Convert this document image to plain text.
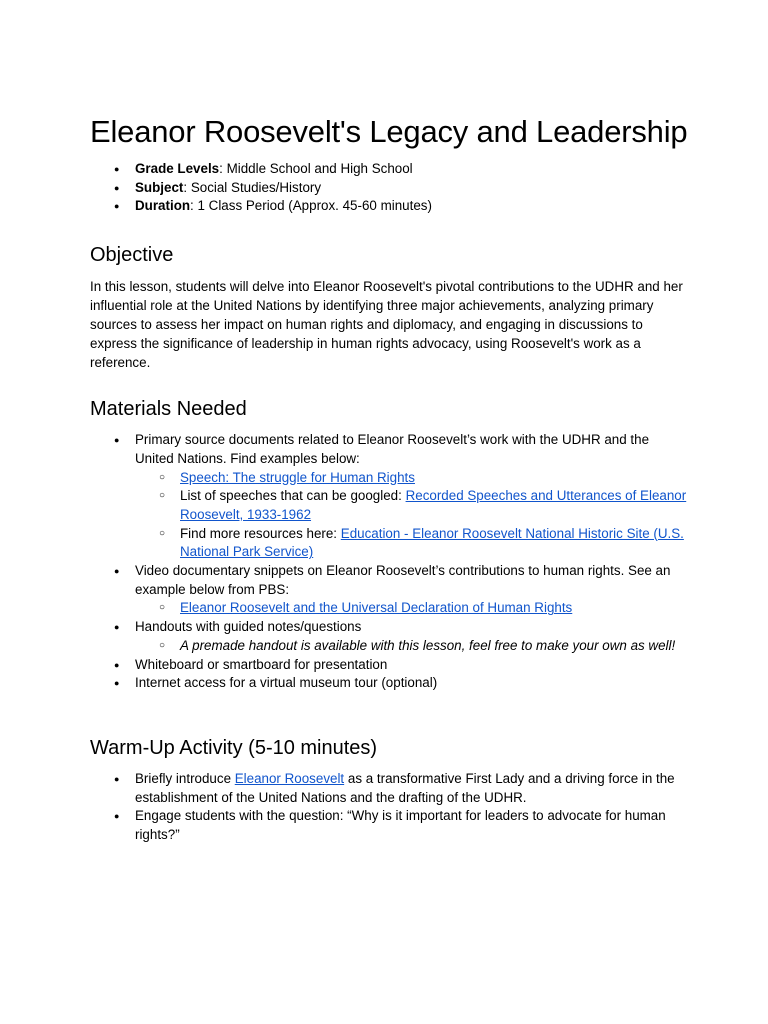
Eleanor Roosevelt's Legacy and Leadership
● Grade Levels: Middle School and High School
● Subject: Social Studies/History
● Duration: 1 Class Period (Approx. 45-60 minutes)
Objective

In this lesson, students will delve into Eleanor Roosevelt's pivotal contributions to the UDHR and her influential role at the United Nations by identifying three major achievements, analyzing primary sources to assess her impact on human rights and diplomacy, and engaging in discussions to express the significance of leadership in human rights advocacy, using Roosevelt's work as a reference.

Materials Needed
● Primary source documents related to Eleanor Roosevelt’s work with the UDHR and the United Nations. Find examples below:
○ Speech: The struggle for Human Rights
○ List of speeches that can be googled: Recorded Speeches and Utterances of Eleanor Roosevelt, 1933-1962
○ Find more resources here: Education - Eleanor Roosevelt National Historic Site (U.S. National Park Service)
● Video documentary snippets on Eleanor Roosevelt’s contributions to human rights. See an example below from PBS:
○ Eleanor Roosevelt and the Universal Declaration of Human Rights
● Handouts with guided notes/questions
○ A premade handout is available with this lesson, feel free to make your own as well!
● Whiteboard or smartboard for presentation
● Internet access for a virtual museum tour (optional)
Warm-Up Activity (5-10 minutes)
● Briefly introduce Eleanor Roosevelt as a transformative First Lady and a driving force in the establishment of the United Nations and the drafting of the UDHR.
● Engage students with the question: “Why is it important for leaders to advocate for human rights?”
